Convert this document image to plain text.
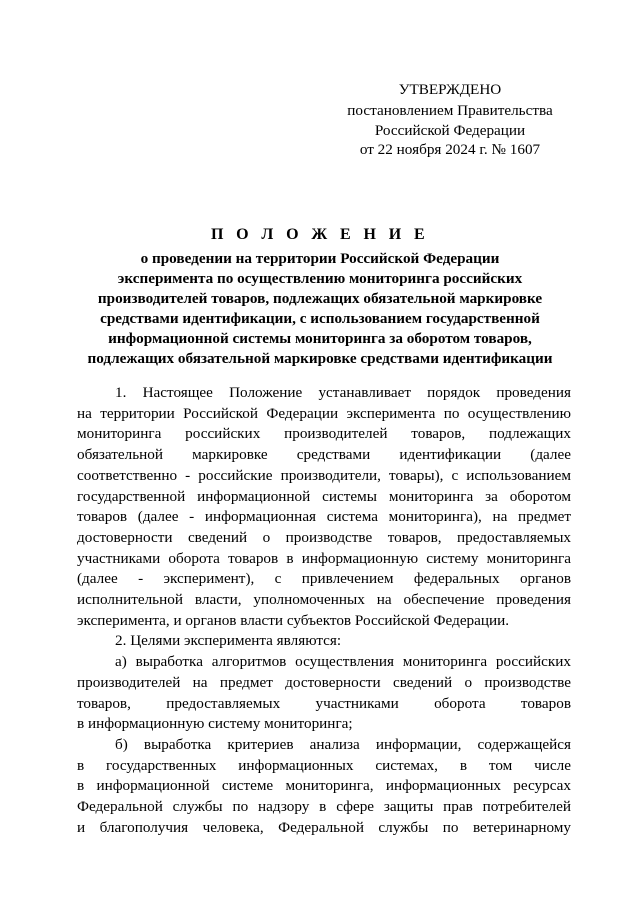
УТВЕРЖДЕНО
постановлением Правительства
Российской Федерации
от 22 ноября 2024 г. № 1607
П О Л О Ж Е Н И Е
о проведении на территории Российской Федерации
эксперимента по осуществлению мониторинга российских
производителей товаров, подлежащих обязательной маркировке
средствами идентификации, с использованием государственной
информационной системы мониторинга за оборотом товаров,
подлежащих обязательной маркировке средствами идентификации
1. Настоящее Положение устанавливает порядок проведения
на территории Российской Федерации эксперимента по осуществлению
мониторинга российских производителей товаров, подлежащих
обязательной маркировке средствами идентификации (далее
соответственно - российские производители, товары), с использованием
государственной информационной системы мониторинга за оборотом
товаров (далее - информационная система мониторинга), на предмет
достоверности сведений о производстве товаров, предоставляемых
участниками оборота товаров в информационную систему мониторинга
(далее - эксперимент), с привлечением федеральных органов
исполнительной власти, уполномоченных на обеспечение проведения
эксперимента, и органов власти субъектов Российской Федерации.
2. Целями эксперимента являются:
а) выработка алгоритмов осуществления мониторинга российских
производителей на предмет достоверности сведений о производстве
товаров, предоставляемых участниками оборота товаров
в информационную систему мониторинга;
б) выработка критериев анализа информации, содержащейся
в государственных информационных системах, в том числе
в информационной системе мониторинга, информационных ресурсах
Федеральной службы по надзору в сфере защиты прав потребителей
и благополучия человека, Федеральной службы по ветеринарному
